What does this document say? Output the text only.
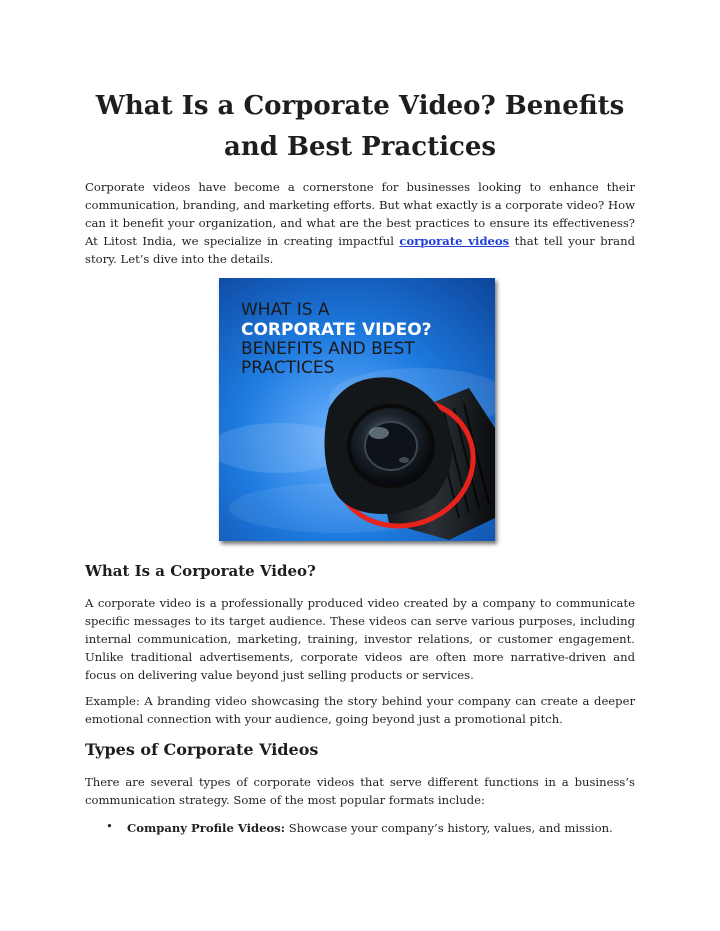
What Is a Corporate Video? Benefits
and Best Practices
Corporate videos have become a cornerstone for businesses looking to enhance their communication, branding, and marketing efforts. But what exactly is a corporate video? How can it benefit your organization, and what are the best practices to ensure its effectiveness? At Litost India, we specialize in creating impactful corporate videos that tell your brand story. Let’s dive into the details.
WHAT IS A
CORPORATE VIDEO?
BENEFITS AND BEST
PRACTICES
What Is a Corporate Video?
A corporate video is a professionally produced video created by a company to communicate specific messages to its target audience. These videos can serve various purposes, including internal communication, marketing, training, investor relations, or customer engagement. Unlike traditional advertisements, corporate videos are often more narrative-driven and focus on delivering value beyond just selling products or services.
Example: A branding video showcasing the story behind your company can create a deeper emotional connection with your audience, going beyond just a promotional pitch.
Types of Corporate Videos
There are several types of corporate videos that serve different functions in a business’s communication strategy. Some of the most popular formats include:
• Company Profile Videos: Showcase your company’s history, values, and mission.
